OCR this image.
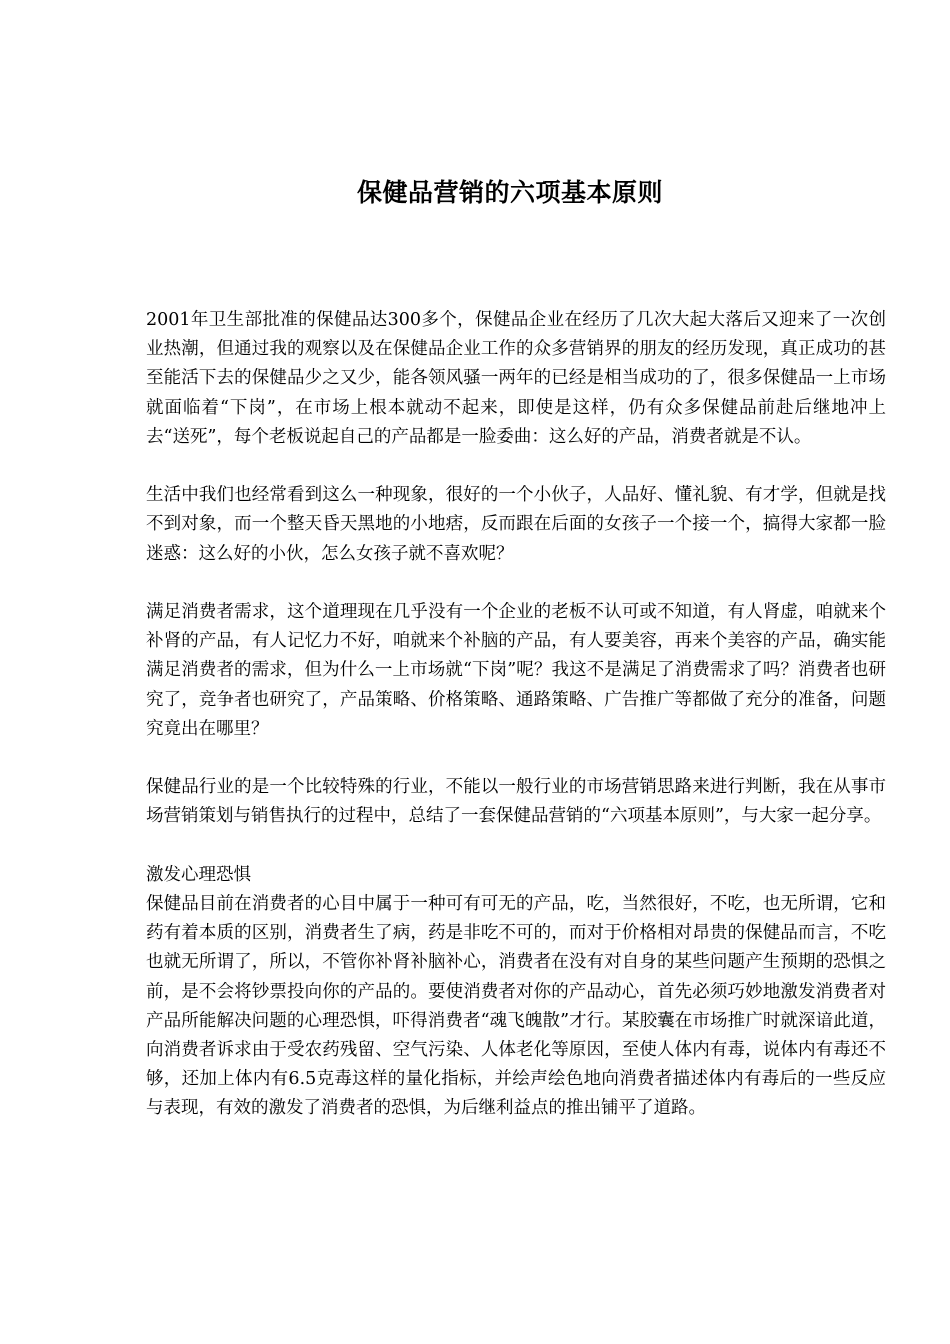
保健品营销的六项基本原则

2001年卫生部批准的保健品达300多个，保健品企业在经历了几次大起大落后又迎来了一次创业热潮，但通过我的观察以及在保健品企业工作的众多营销界的朋友的经历发现，真正成功的甚至能活下去的保健品少之又少，能各领风骚一两年的已经是相当成功的了，很多保健品一上市场就面临着“下岗”，在市场上根本就动不起来，即使是这样，仍有众多保健品前赴后继地冲上去“送死”，每个老板说起自己的产品都是一脸委曲：这么好的产品，消费者就是不认。

生活中我们也经常看到这么一种现象，很好的一个小伙子，人品好、懂礼貌、有才学，但就是找不到对象，而一个整天昏天黑地的小地痞，反而跟在后面的女孩子一个接一个，搞得大家都一脸迷惑：这么好的小伙，怎么女孩子就不喜欢呢？

满足消费者需求，这个道理现在几乎没有一个企业的老板不认可或不知道，有人肾虚，咱就来个补肾的产品，有人记忆力不好，咱就来个补脑的产品，有人要美容，再来个美容的产品，确实能满足消费者的需求，但为什么一上市场就“下岗”呢？我这不是满足了消费需求了吗？消费者也研究了，竞争者也研究了，产品策略、价格策略、通路策略、广告推广等都做了充分的准备，问题究竟出在哪里？

保健品行业的是一个比较特殊的行业，不能以一般行业的市场营销思路来进行判断，我在从事市场营销策划与销售执行的过程中，总结了一套保健品营销的“六项基本原则”，与大家一起分享。

激发心理恐惧

保健品目前在消费者的心目中属于一种可有可无的产品，吃，当然很好，不吃，也无所谓，它和药有着本质的区别，消费者生了病，药是非吃不可的，而对于价格相对昂贵的保健品而言，不吃也就无所谓了，所以，不管你补肾补脑补心，消费者在没有对自身的某些问题产生预期的恐惧之前，是不会将钞票投向你的产品的。要使消费者对你的产品动心，首先必须巧妙地激发消费者对产品所能解决问题的心理恐惧，吓得消费者“魂飞魄散”才行。某胶囊在市场推广时就深谙此道，向消费者诉求由于受农药残留、空气污染、人体老化等原因，至使人体内有毒，说体内有毒还不够，还加上体内有6.5克毒这样的量化指标，并绘声绘色地向消费者描述体内有毒后的一些反应与表现，有效的激发了消费者的恐惧，为后继利益点的推出铺平了道路。
